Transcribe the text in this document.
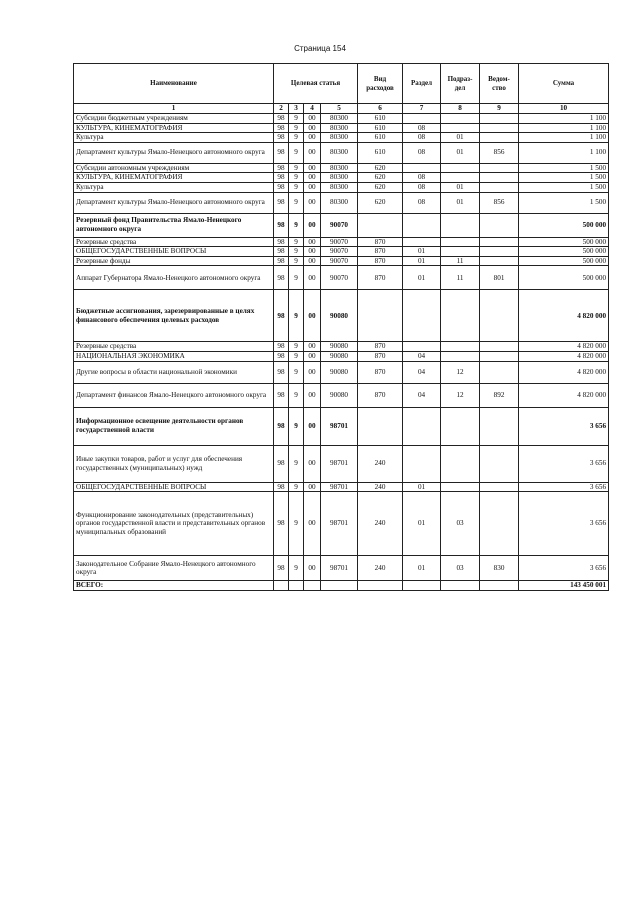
Страница 154
Наименование	Целевая статья				Вид расходов	Раздел	Подраз-дел	Ведом-ство	Сумма
1	2	3	4	5	6	7	8	9	10
Субсидии бюджетным учреждениям	98	9	00	80300	610				1 100
КУЛЬТУРА, КИНЕМАТОГРАФИЯ	98	9	00	80300	610	08			1 100
Культура	98	9	00	80300	610	08	01		1 100
Департамент культуры Ямало-Ненецкого автономного округа	98	9	00	80300	610	08	01	856	1 100
Субсидии автономным учреждениям	98	9	00	80300	620				1 500
КУЛЬТУРА, КИНЕМАТОГРАФИЯ	98	9	00	80300	620	08			1 500
Культура	98	9	00	80300	620	08	01		1 500
Департамент культуры Ямало-Ненецкого автономного округа	98	9	00	80300	620	08	01	856	1 500
Резервный фонд Правительства Ямало-Ненецкого автономного округа	98	9	00	90070					500 000
Резервные средства	98	9	00	90070	870				500 000
ОБЩЕГОСУДАРСТВЕННЫЕ ВОПРОСЫ	98	9	00	90070	870	01			500 000
Резервные фонды	98	9	00	90070	870	01	11		500 000
Аппарат Губернатора Ямало-Ненецкого автономного округа	98	9	00	90070	870	01	11	801	500 000
Бюджетные ассигнования, зарезервированные в целях финансового обеспечения целевых расходов	98	9	00	90080					4 820 000
Резервные средства	98	9	00	90080	870				4 820 000
НАЦИОНАЛЬНАЯ ЭКОНОМИКА	98	9	00	90080	870	04			4 820 000
Другие вопросы в области национальной экономики	98	9	00	90080	870	04	12		4 820 000
Департамент финансов Ямало-Ненецкого автономного округа	98	9	00	90080	870	04	12	892	4 820 000
Информационное освещение деятельности органов государственной власти	98	9	00	98701					3 656
Иные закупки товаров, работ и услуг для обеспечения государственных (муниципальных) нужд	98	9	00	98701	240				3 656
ОБЩЕГОСУДАРСТВЕННЫЕ ВОПРОСЫ	98	9	00	98701	240	01			3 656
Функционирование законодательных (представительных) органов государственной власти и представительных органов муниципальных образований	98	9	00	98701	240	01	03		3 656
Законодательное Собрание Ямало-Ненецкого автономного округа	98	9	00	98701	240	01	03	830	3 656
ВСЕГО:									143 450 001
